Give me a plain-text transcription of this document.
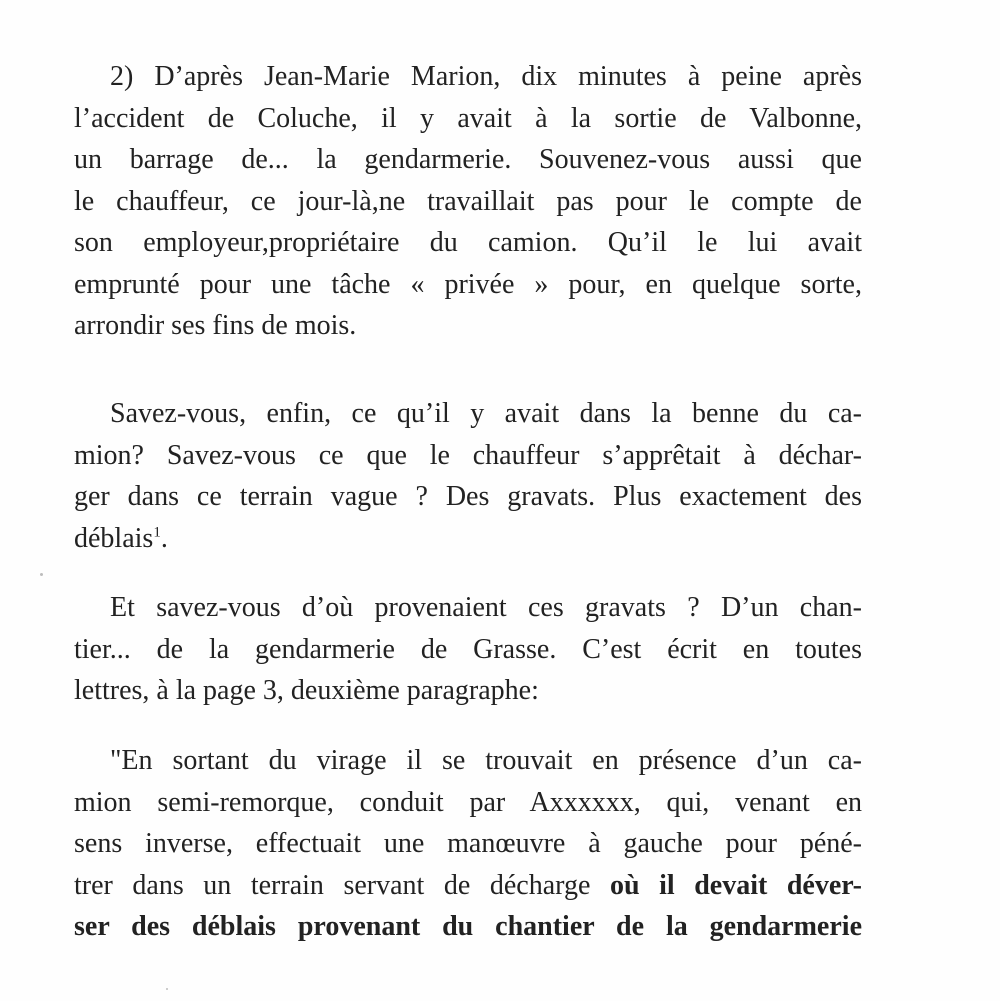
2) D’après Jean-Marie Marion, dix minutes à peine après
l’accident de Coluche, il y avait à la sortie de Valbonne,
un barrage de... la gendarmerie. Souvenez-vous aussi que
le chauffeur, ce jour-là,ne travaillait pas pour le compte de
son employeur,propriétaire du camion. Qu’il le lui avait
emprunté pour une tâche « privée » pour, en quelque sorte,
arrondir ses fins de mois.
Savez-vous, enfin, ce qu’il y avait dans la benne du ca-
mion? Savez-vous ce que le chauffeur s’apprêtait à déchar-
ger dans ce terrain vague ? Des gravats. Plus exactement des
déblais$^1$.
Et savez-vous d’où provenaient ces gravats ? D’un chan-
tier... de la gendarmerie de Grasse. C’est écrit en toutes
lettres, à la page 3, deuxième paragraphe:
"En sortant du virage il se trouvait en présence d’un ca-
mion semi-remorque, conduit par Axxxxxx, qui, venant en
sens inverse, effectuait une manœuvre à gauche pour péné-
trer dans un terrain servant de décharge où il devait déver-
ser des déblais provenant du chantier de la gendarmerie
